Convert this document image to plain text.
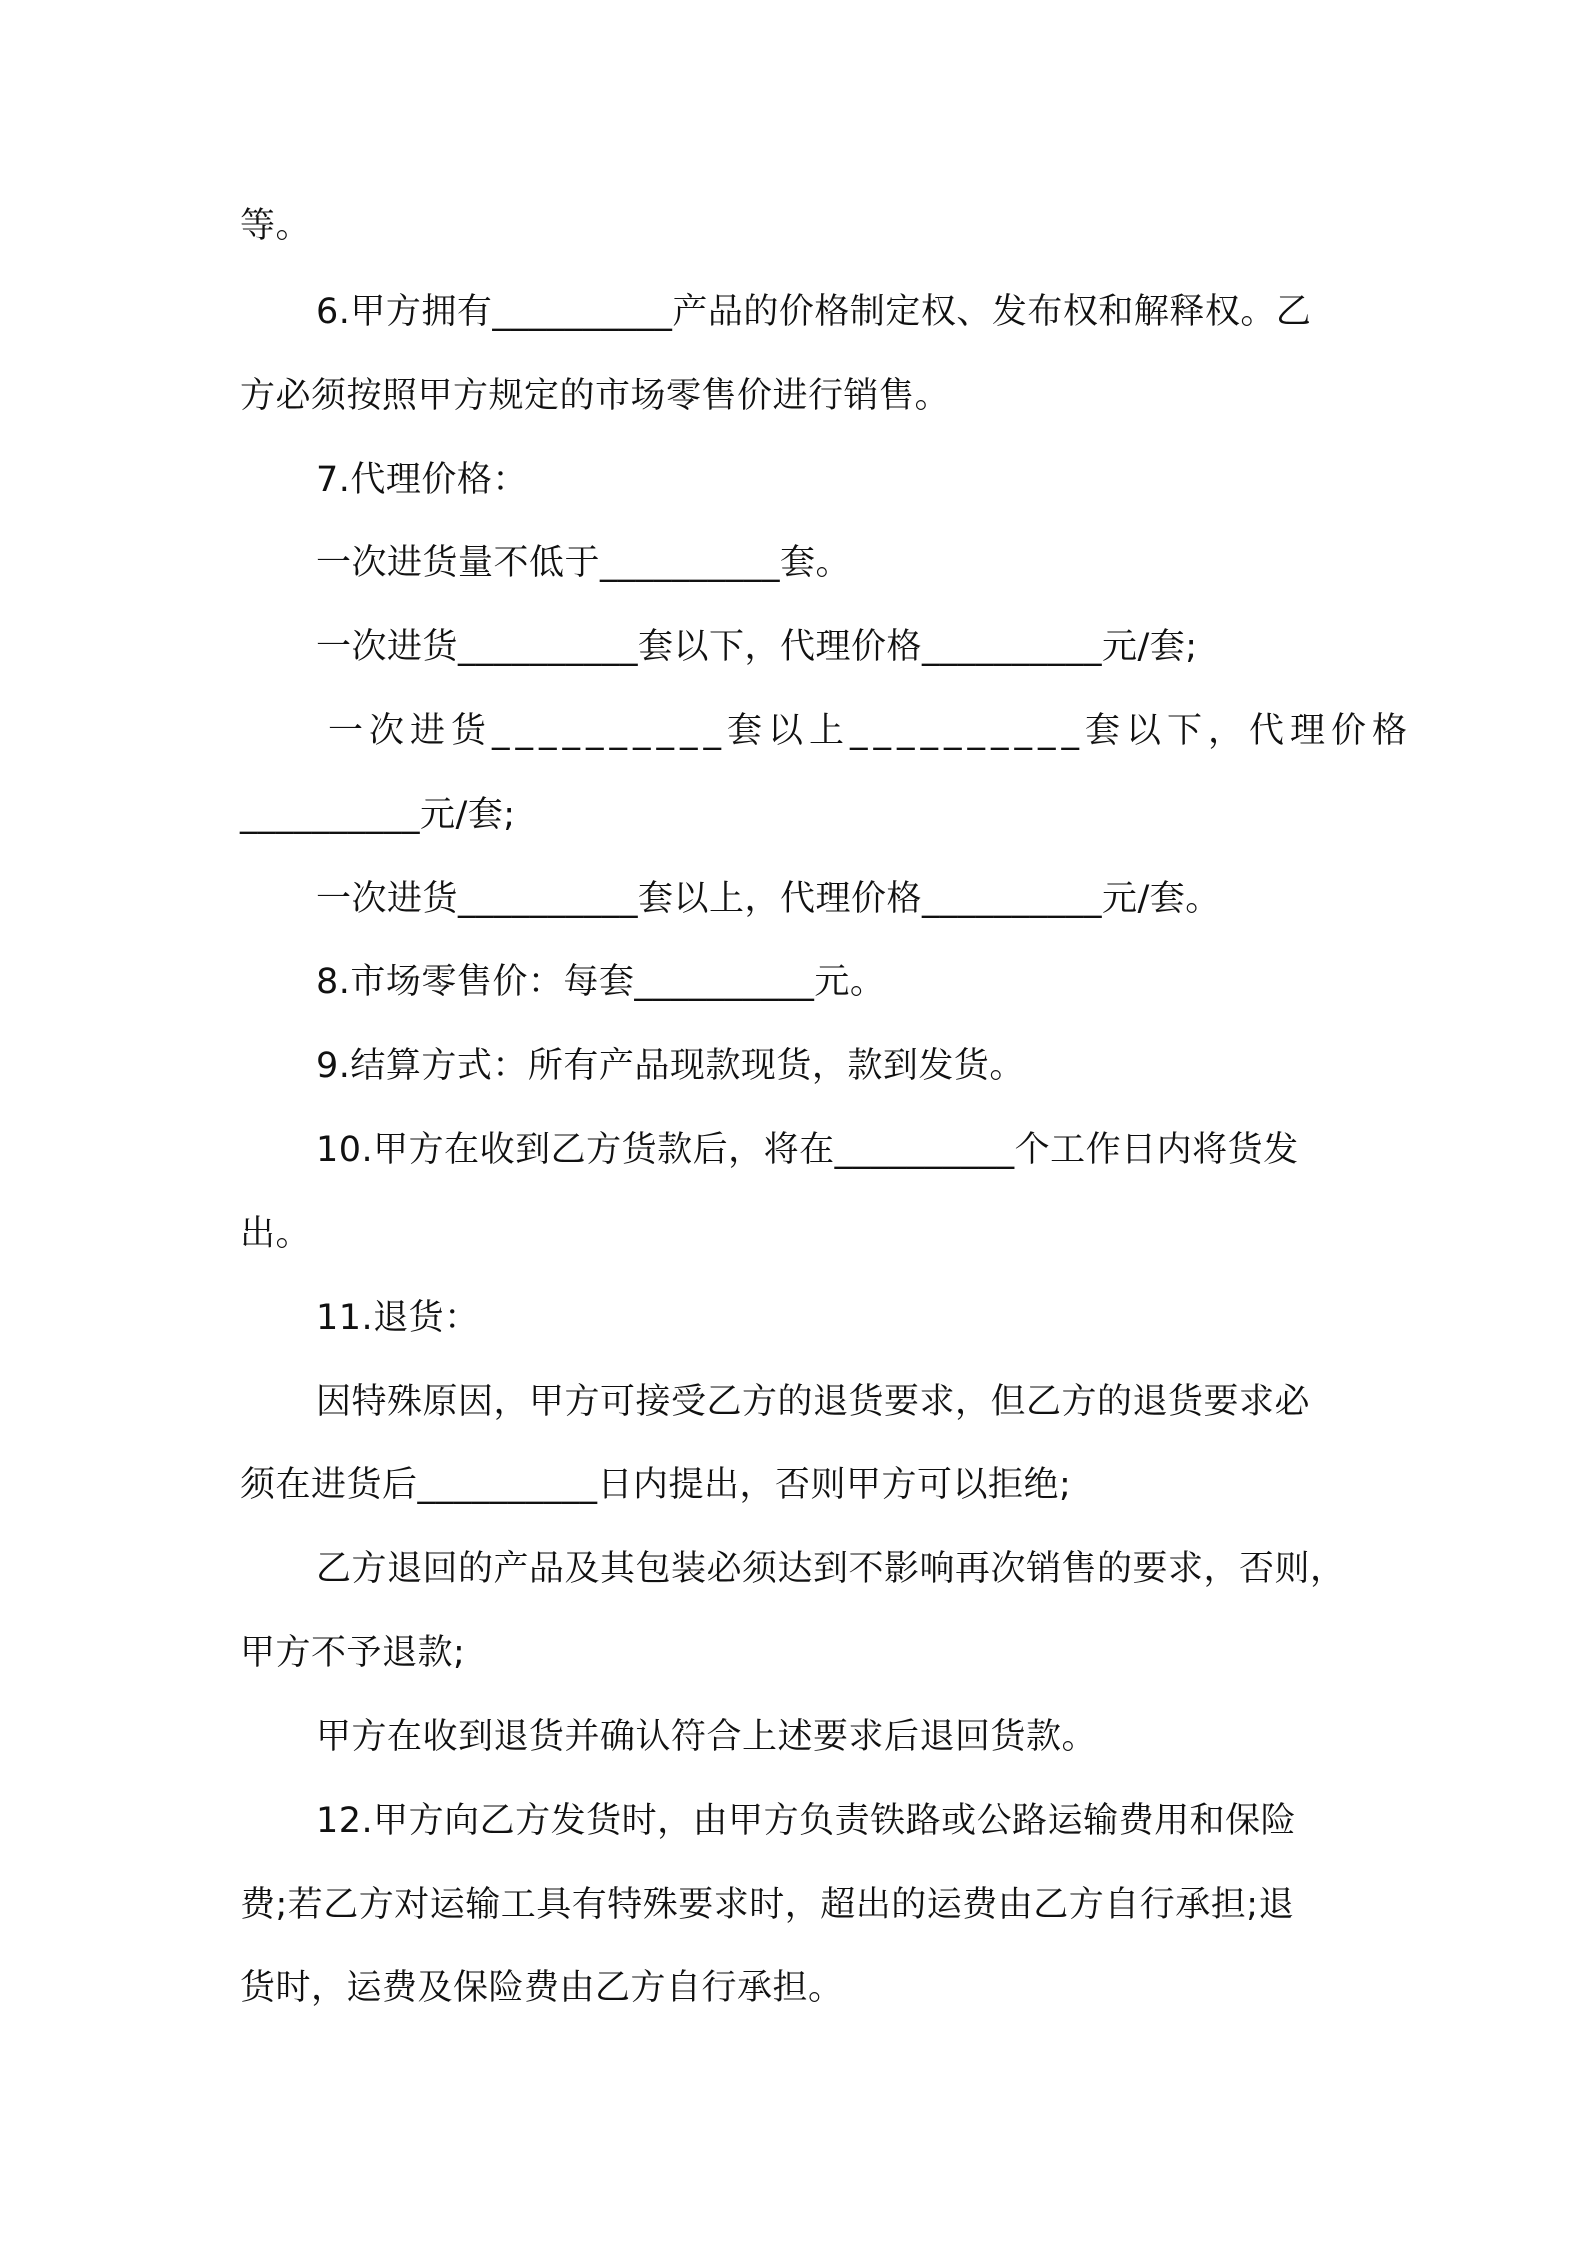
等。
6.甲方拥有__________产品的价格制定权、发布权和解释权。乙
方必须按照甲方规定的市场零售价进行销售。
7.代理价格：
一次进货量不低于__________套。
一次进货__________套以下，代理价格__________元/套;
一次进货__________套以上__________套以下，代理价格
__________元/套;
一次进货__________套以上，代理价格__________元/套。
8.市场零售价：每套__________元。
9.结算方式：所有产品现款现货，款到发货。
10.甲方在收到乙方货款后，将在__________个工作日内将货发
出。
11.退货：
因特殊原因，甲方可接受乙方的退货要求，但乙方的退货要求必
须在进货后__________日内提出，否则甲方可以拒绝;
乙方退回的产品及其包装必须达到不影响再次销售的要求，否则，
甲方不予退款;
甲方在收到退货并确认符合上述要求后退回货款。
12.甲方向乙方发货时，由甲方负责铁路或公路运输费用和保险
费;若乙方对运输工具有特殊要求时，超出的运费由乙方自行承担;退
货时，运费及保险费由乙方自行承担。
